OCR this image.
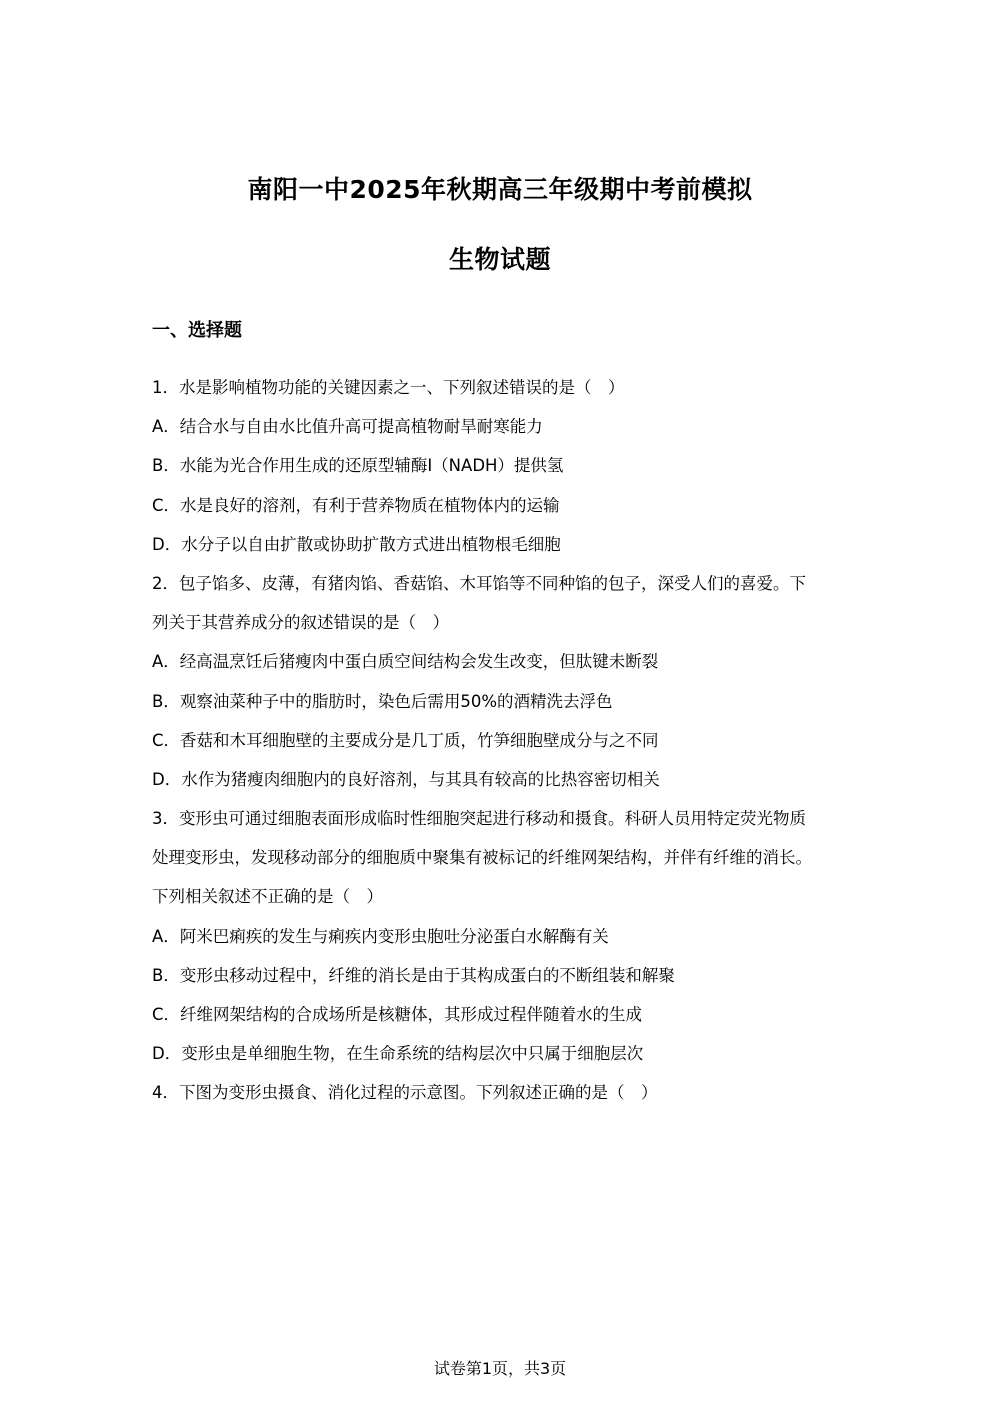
南阳一中2025年秋期高三年级期中考前模拟
生物试题
一、选择题
1．水是影响植物功能的关键因素之一、下列叙述错误的是（　）
A．结合水与自由水比值升高可提高植物耐旱耐寒能力
B．水能为光合作用生成的还原型辅酶Ⅰ（NADH）提供氢
C．水是良好的溶剂，有利于营养物质在植物体内的运输
D．水分子以自由扩散或协助扩散方式进出植物根毛细胞
2．包子馅多、皮薄，有猪肉馅、香菇馅、木耳馅等不同种馅的包子，深受人们的喜爱。下
列关于其营养成分的叙述错误的是（　）
A．经高温烹饪后猪瘦肉中蛋白质空间结构会发生改变，但肽键未断裂
B．观察油菜种子中的脂肪时，染色后需用50%的酒精洗去浮色
C．香菇和木耳细胞壁的主要成分是几丁质，竹笋细胞壁成分与之不同
D．水作为猪瘦肉细胞内的良好溶剂，与其具有较高的比热容密切相关
3．变形虫可通过细胞表面形成临时性细胞突起进行移动和摄食。科研人员用特定荧光物质
处理变形虫，发现移动部分的细胞质中聚集有被标记的纤维网架结构，并伴有纤维的消长。
下列相关叙述不正确的是（　）
A．阿米巴痢疾的发生与痢疾内变形虫胞吐分泌蛋白水解酶有关
B．变形虫移动过程中，纤维的消长是由于其构成蛋白的不断组装和解聚
C．纤维网架结构的合成场所是核糖体，其形成过程伴随着水的生成
D．变形虫是单细胞生物，在生命系统的结构层次中只属于细胞层次
4．下图为变形虫摄食、消化过程的示意图。下列叙述正确的是（　）
试卷第1页，共3页
